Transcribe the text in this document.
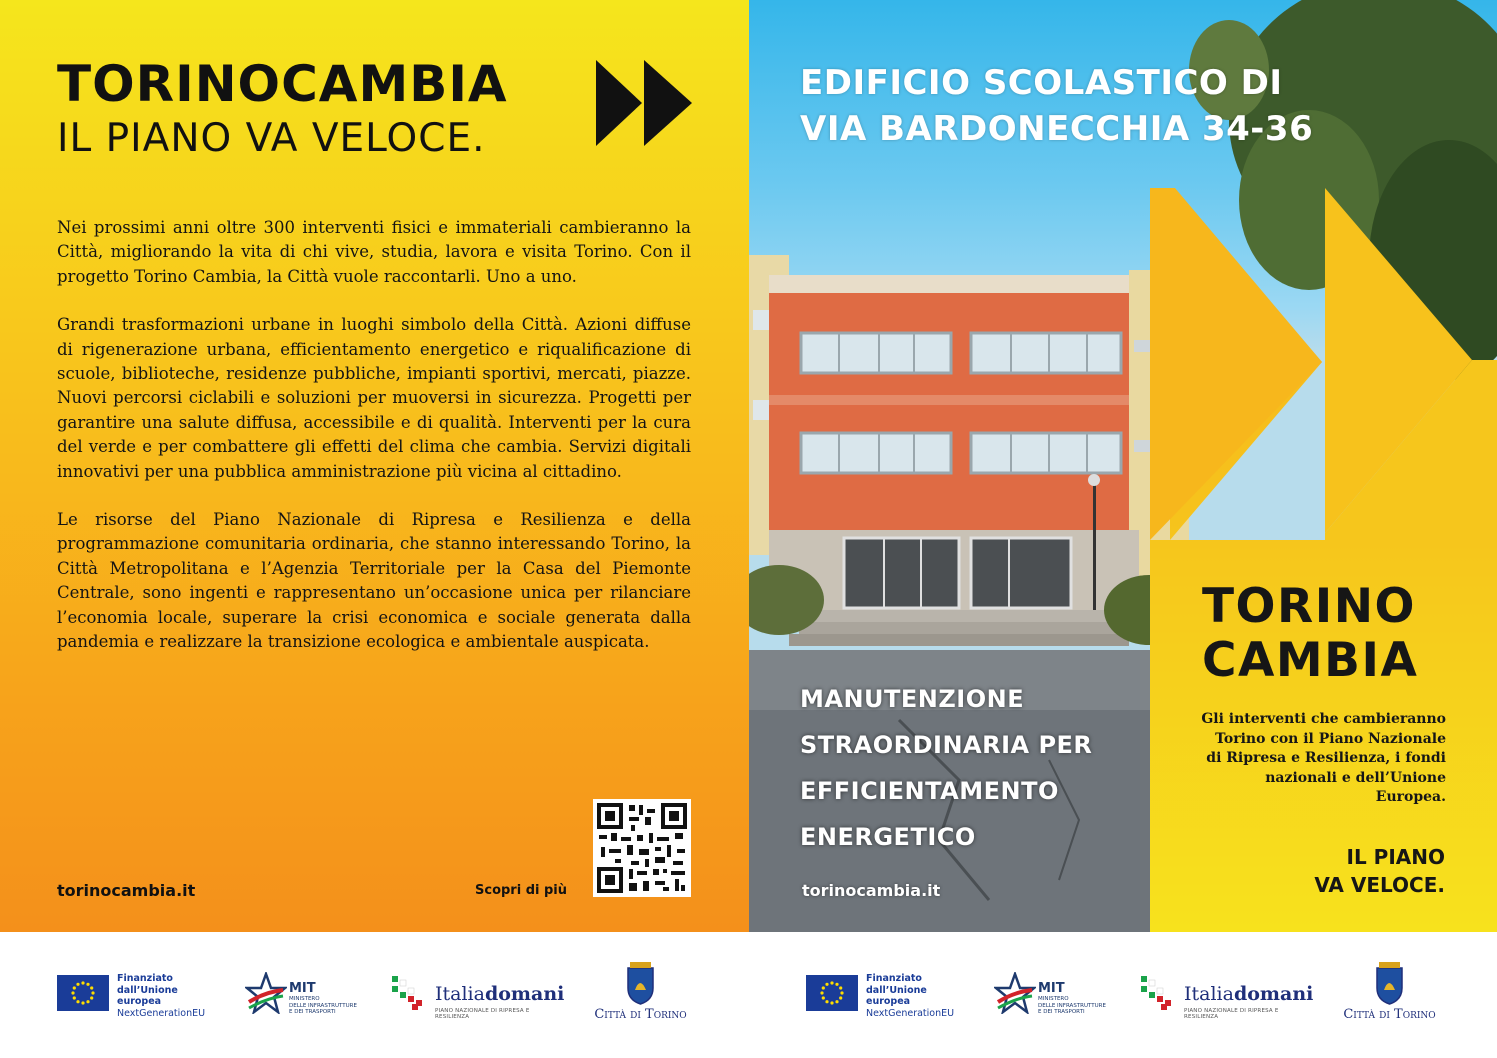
TORINOCAMBIA
IL PIANO VA VELOCE.

Nei prossimi anni oltre 300 interventi fisici e immateriali cambieranno la Città, migliorando la vita di chi vive, studia, lavora e visita Torino. Con il progetto Torino Cambia, la Città vuole raccontarli. Uno a uno.

Grandi trasformazioni urbane in luoghi simbolo della Città. Azioni diffuse di rigenerazione urbana, efficientamento energetico e riqualificazione di scuole, biblioteche, residenze pubbliche, impianti sportivi, mercati, piazze. Nuovi percorsi ciclabili e soluzioni per muoversi in sicurezza. Progetti per garantire una salute diffusa, accessibile e di qualità. Interventi per la cura del verde e per combattere gli effetti del clima che cambia. Servizi digitali innovativi per una pubblica amministrazione più vicina al cittadino.

Le risorse del Piano Nazionale di Ripresa e Resilienza e della programmazione comunitaria ordinaria, che stanno interessando Torino, la Città Metropolitana e l’Agenzia Territoriale per la Casa del Piemonte Centrale, sono ingenti e rappresentano un’occasione unica per rilanciare l’economia locale, superare la crisi economica e sociale generata dalla pandemia e realizzare la transizione ecologica e ambientale auspicata.

torinocambia.it	Scopri di più
EDIFICIO SCOLASTICO DI
VIA BARDONECCHIA 34-36
MANUTENZIONE
STRAORDINARIA PER
EFFICIENTAMENTO
ENERGETICO
torinocambia.it
TORINO
CAMBIA
Gli interventi che cambieranno Torino con il Piano Nazionale di Ripresa e Resilienza, i fondi nazionali e dell’Unione Europea.
IL PIANO
VA VELOCE.
Finanziato
dall’Unione europea
NextGenerationEU
MIT
MINISTERO
DELLE INFRASTRUTTURE
E DEI TRASPORTI
Italiadomani
PIANO NAZIONALE DI RIPRESA E RESILIENZA	Città di Torino
Finanziato
dall’Unione europea
NextGenerationEU
MIT
MINISTERO
DELLE INFRASTRUTTURE
E DEI TRASPORTI
Italiadomani
PIANO NAZIONALE DI RIPRESA E RESILIENZA	Città di Torino
